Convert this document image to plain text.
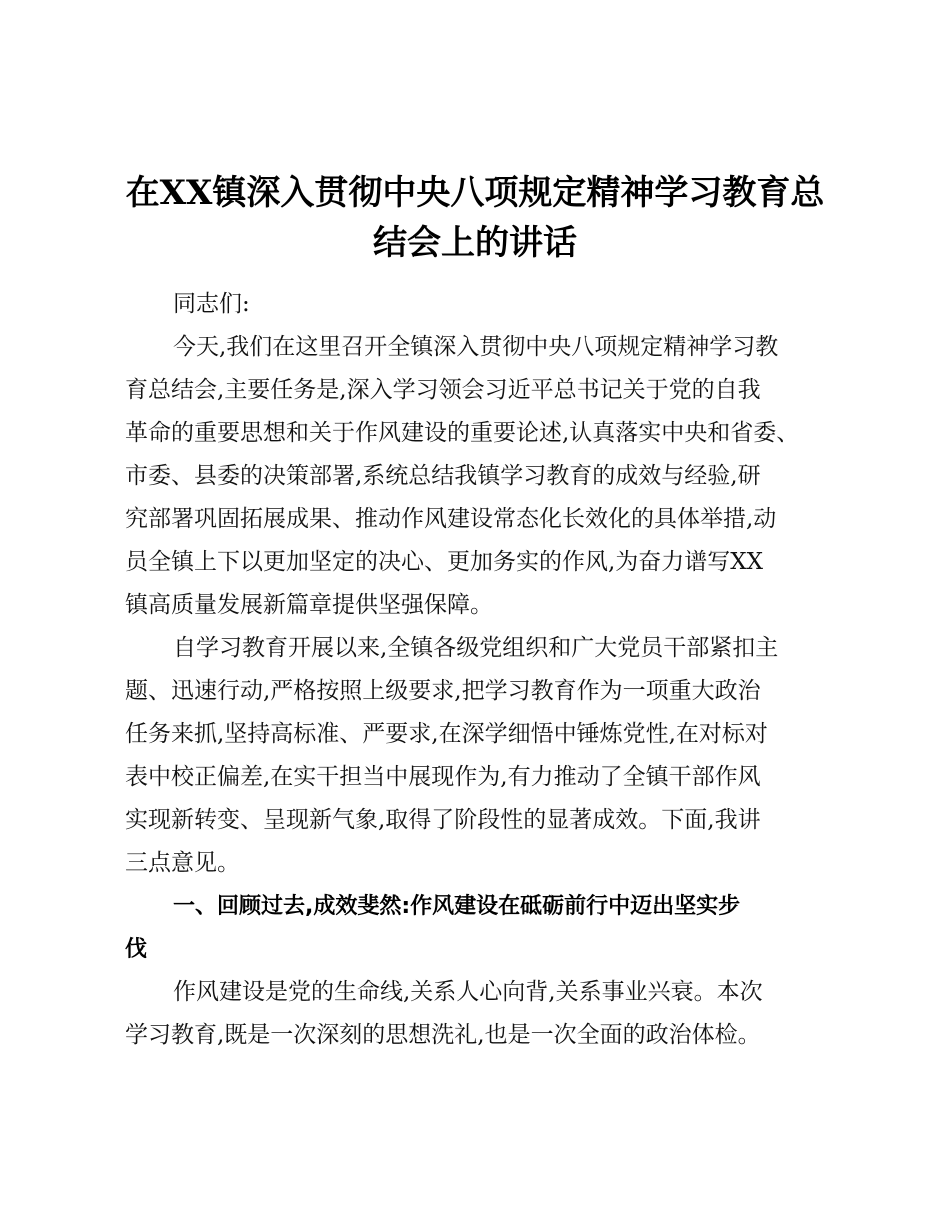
在XX镇深入贯彻中央八项规定精神学习教育总
结会上的讲话
同志们:
今天,我们在这里召开全镇深入贯彻中央八项规定精神学习教
育总结会,主要任务是,深入学习领会习近平总书记关于党的自我
革命的重要思想和关于作风建设的重要论述,认真落实中央和省委、
市委、县委的决策部署,系统总结我镇学习教育的成效与经验,研
究部署巩固拓展成果、推动作风建设常态化长效化的具体举措,动
员全镇上下以更加坚定的决心、更加务实的作风,为奋力谱写XX
镇高质量发展新篇章提供坚强保障。
自学习教育开展以来,全镇各级党组织和广大党员干部紧扣主
题、迅速行动,严格按照上级要求,把学习教育作为一项重大政治
任务来抓,坚持高标准、严要求,在深学细悟中锤炼党性,在对标对
表中校正偏差,在实干担当中展现作为,有力推动了全镇干部作风
实现新转变、呈现新气象,取得了阶段性的显著成效。下面,我讲
三点意见。
一、回顾过去,成效斐然:作风建设在砥砺前行中迈出坚实步
伐
作风建设是党的生命线,关系人心向背,关系事业兴衰。本次
学习教育,既是一次深刻的思想洗礼,也是一次全面的政治体检。
